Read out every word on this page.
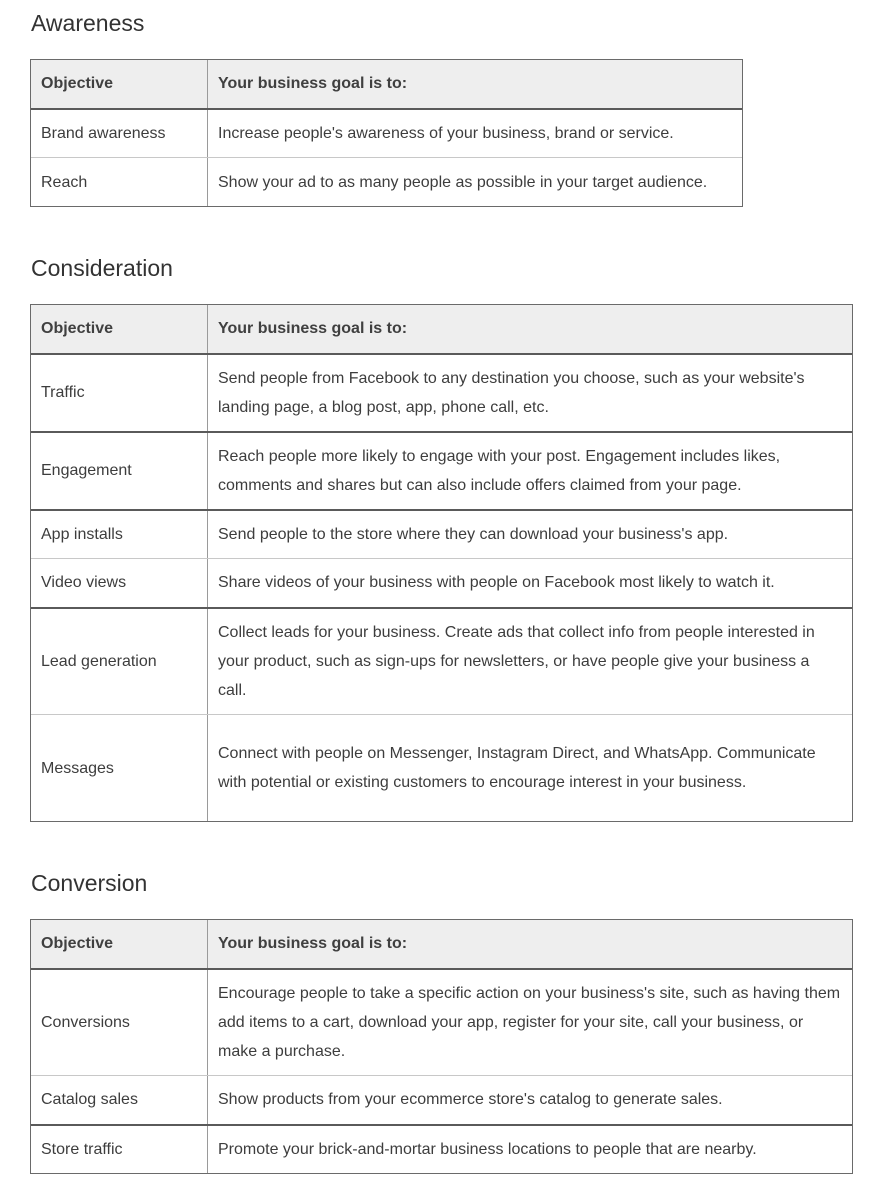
Awareness
Objective	Your business goal is to:
Brand awareness	Increase people's awareness of your business, brand or service.
Reach	Show your ad to as many people as possible in your target audience.
Consideration
Objective	Your business goal is to:
Traffic	Send people from Facebook to any destination you choose, such as your website's landing page, a blog post, app, phone call, etc.
Engagement	Reach people more likely to engage with your post. Engagement includes likes, comments and shares but can also include offers claimed from your page.
App installs	Send people to the store where they can download your business's app.
Video views	Share videos of your business with people on Facebook most likely to watch it.
Lead generation	Collect leads for your business. Create ads that collect info from people interested in your product, such as sign-ups for newsletters, or have people give your business a call.
Messages	Connect with people on Messenger, Instagram Direct, and WhatsApp. Communicate with potential or existing customers to encourage interest in your business.
Conversion
Objective	Your business goal is to:
Conversions	Encourage people to take a specific action on your business's site, such as having them add items to a cart, download your app, register for your site, call your business, or make a purchase.
Catalog sales	Show products from your ecommerce store's catalog to generate sales.
Store traffic	Promote your brick-and-mortar business locations to people that are nearby.
